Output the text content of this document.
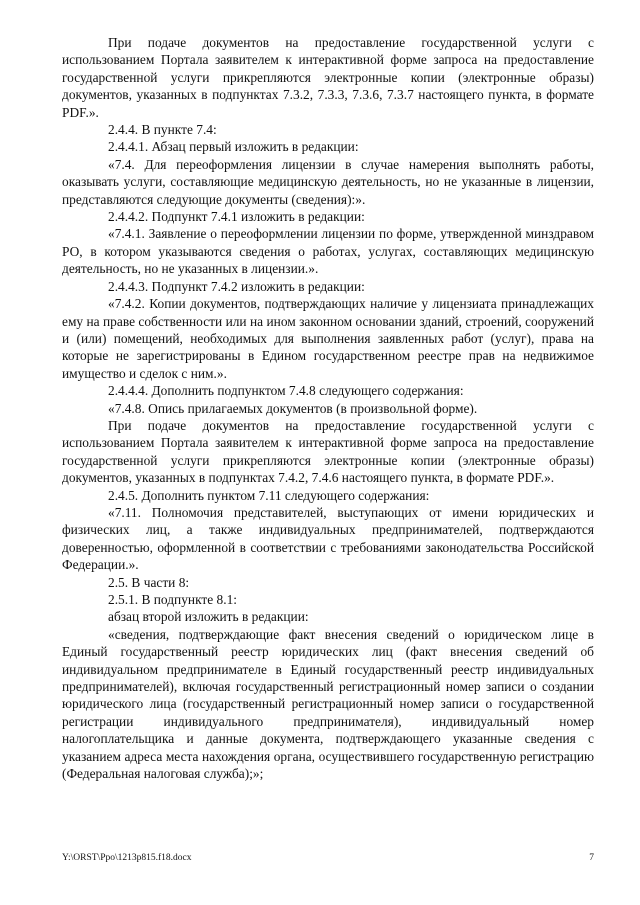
При подаче документов на предоставление государственной услуги с использованием Портала заявителем к интерактивной форме запроса на предоставление государственной услуги прикрепляются электронные копии (электронные образы) документов, указанных в подпунктах 7.3.2, 7.3.3, 7.3.6, 7.3.7 настоящего пункта, в формате PDF.».

2.4.4. В пункте 7.4:

2.4.4.1. Абзац первый изложить в редакции:

«7.4. Для переоформления лицензии в случае намерения выполнять работы, оказывать услуги, составляющие медицинскую деятельность, но не указанные в лицензии, представляются следующие документы (сведения):».

2.4.4.2. Подпункт 7.4.1 изложить в редакции:

«7.4.1. Заявление о переоформлении лицензии по форме, утвержденной минздравом РО, в котором указываются сведения о работах, услугах, составляющих медицинскую деятельность, но не указанных в лицензии.».

2.4.4.3. Подпункт 7.4.2 изложить в редакции:

«7.4.2. Копии документов, подтверждающих наличие у лицензиата принадлежащих ему на праве собственности или на ином законном основании зданий, строений, сооружений и (или) помещений, необходимых для выполнения заявленных работ (услуг), права на которые не зарегистрированы в Едином государственном реестре прав на недвижимое имущество и сделок с ним.».

2.4.4.4. Дополнить подпунктом 7.4.8 следующего содержания:

«7.4.8. Опись прилагаемых документов (в произвольной форме).

При подаче документов на предоставление государственной услуги с использованием Портала заявителем к интерактивной форме запроса на предоставление государственной услуги прикрепляются электронные копии (электронные образы) документов, указанных в подпунктах 7.4.2, 7.4.6 настоящего пункта, в формате PDF.».

2.4.5. Дополнить пунктом 7.11 следующего содержания:

«7.11. Полномочия представителей, выступающих от имени юридических и физических лиц, а также индивидуальных предпринимателей, подтверждаются доверенностью, оформленной в соответствии с требованиями законодательства Российской Федерации.».

2.5. В части 8:

2.5.1. В подпункте 8.1:

абзац второй изложить в редакции:

«сведения, подтверждающие факт внесения сведений о юридическом лице в Единый государственный реестр юридических лиц (факт внесения сведений об индивидуальном предпринимателе в Единый государственный реестр индивидуальных предпринимателей), включая государственный регистрационный номер записи о создании юридического лица (государственный регистрационный номер записи о государственной регистрации индивидуального предпринимателя), индивидуальный номер налогоплательщика и данные документа, подтверждающего указанные сведения с указанием адреса места нахождения органа, осуществившего государственную регистрацию (Федеральная налоговая служба);»;

Y:\ORST\Ppo\1213p815.f18.docx	7
